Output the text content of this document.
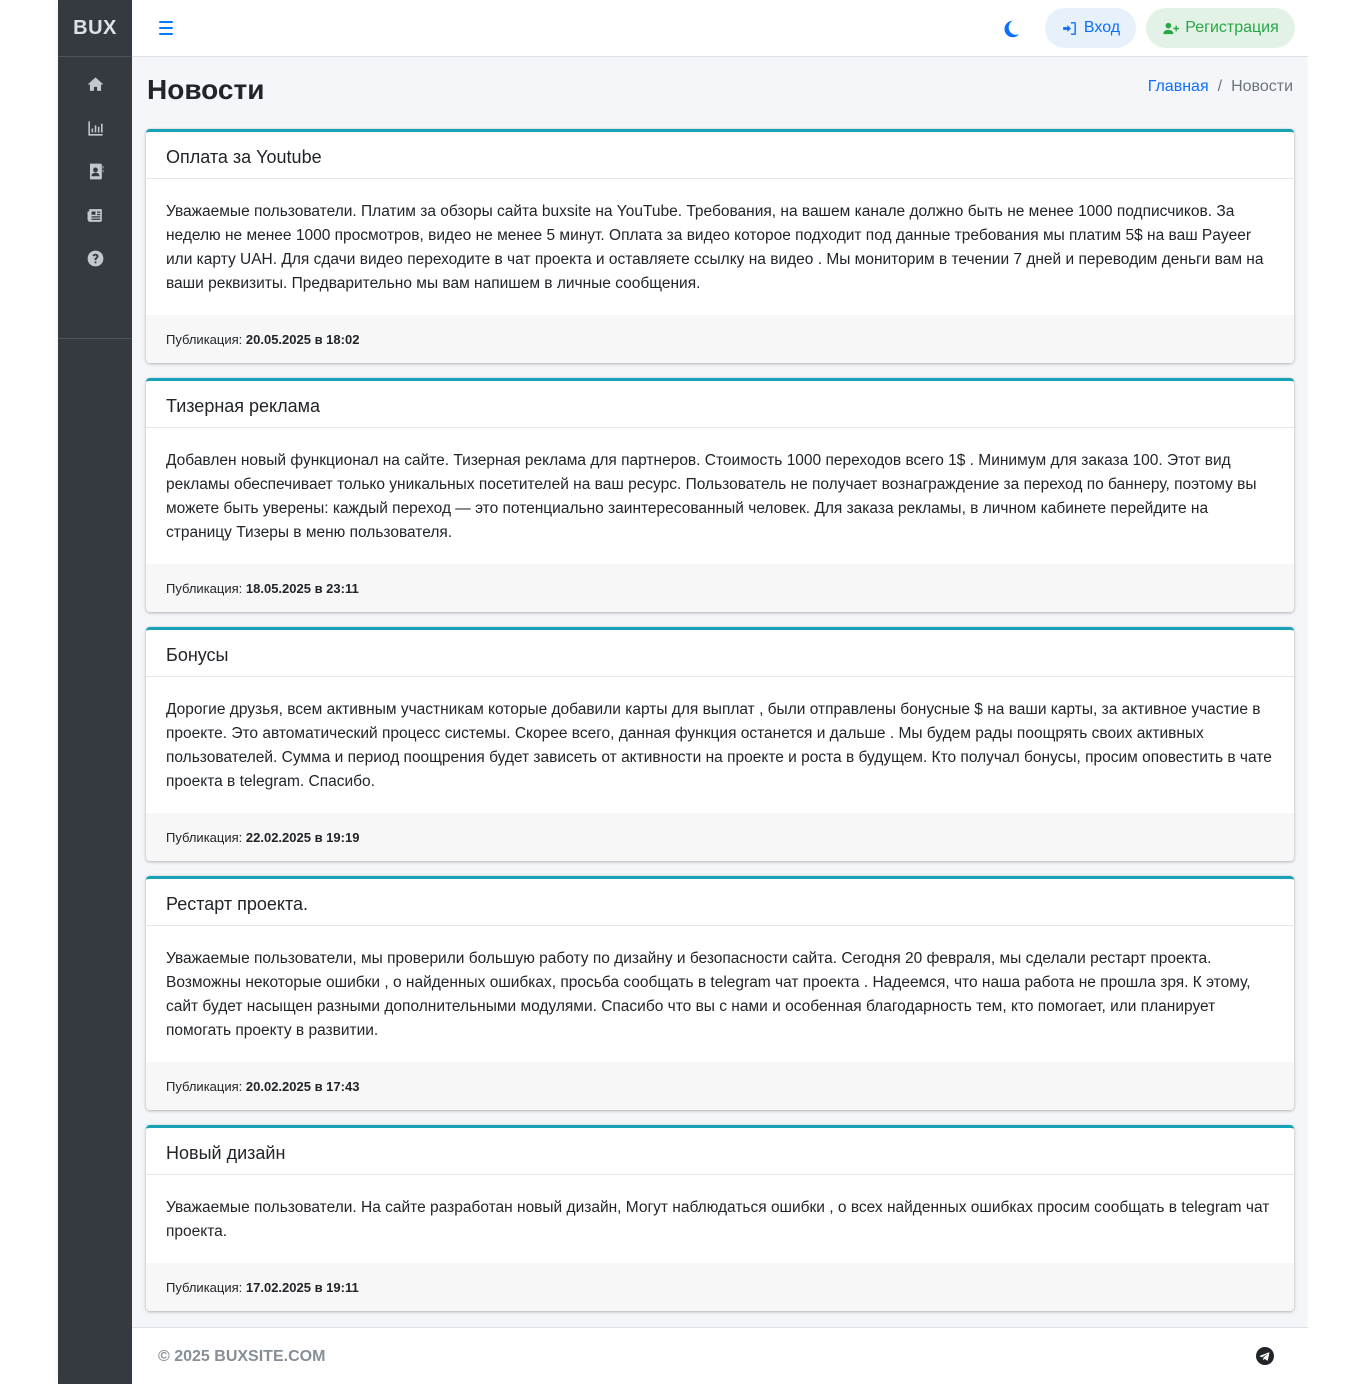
BUX	Вход	Регистрация
Новости	Главная / Новости
Оплата за Youtube
Уважаемые пользователи. Платим за обзоры сайта buxsite на YouTube. Требования, на вашем канале должно быть не менее 1000 подписчиков. За неделю не менее 1000 просмотров, видео не менее 5 минут. Оплата за видео которое подходит под данные требования мы платим 5$ на ваш Payeer или карту UAH. Для сдачи видео переходите в чат проекта и оставляете ссылку на видео . Мы мониторим в течении 7 дней и переводим деньги вам на ваши реквизиты. Предварительно мы вам напишем в личные сообщения.
Публикация: 20.05.2025 в 18:02
Тизерная реклама
Добавлен новый функционал на сайте. Тизерная реклама для партнеров. Стоимость 1000 переходов всего 1$ . Минимум для заказа 100. Этот вид рекламы обеспечивает только уникальных посетителей на ваш ресурс. Пользователь не получает вознаграждение за переход по баннеру, поэтому вы можете быть уверены: каждый переход — это потенциально заинтересованный человек. Для заказа рекламы, в личном кабинете перейдите на страницу Тизеры в меню пользователя.
Публикация: 18.05.2025 в 23:11
Бонусы
Дорогие друзья, всем активным участникам которые добавили карты для выплат , были отправлены бонусные $ на ваши карты, за активное участие в проекте. Это автоматический процесс системы. Скорее всего, данная функция останется и дальше . Мы будем рады поощрять своих активных пользователей. Сумма и период поощрения будет зависеть от активности на проекте и роста в будущем. Кто получал бонусы, просим оповестить в чате проекта в telegram. Спасибо.
Публикация: 22.02.2025 в 19:19
Рестарт проекта.
Уважаемые пользователи, мы проверили большую работу по дизайну и безопасности сайта. Сегодня 20 февраля, мы сделали рестарт проекта. Возможны некоторые ошибки , о найденных ошибках, просьба сообщать в telegram чат проекта . Надеемся, что наша работа не прошла зря. К этому, сайт будет насыщен разными дополнительными модулями. Спасибо что вы с нами и особенная благодарность тем, кто помогает, или планирует помогать проекту в развитии.
Публикация: 20.02.2025 в 17:43
Новый дизайн
Уважаемые пользователи. На сайте разработан новый дизайн, Могут наблюдаться ошибки , о всех найденных ошибках просим сообщать в telegram чат проекта.
Публикация: 17.02.2025 в 19:11
© 2025 BUXSITE.COM
